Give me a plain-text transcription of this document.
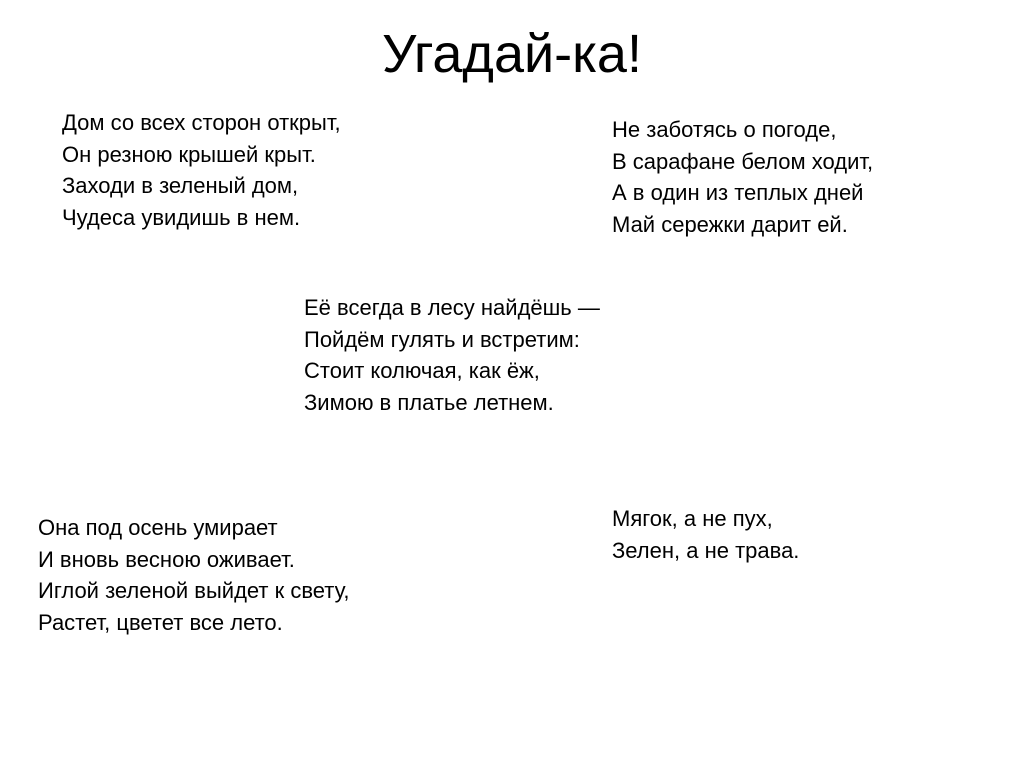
Угадай-ка!
Дом со всех сторон открыт,
Он резною крышей крыт.
Заходи в зеленый дом,
Чудеса увидишь в нем.
Не заботясь о погоде,
В сарафане белом ходит,
А в один из теплых дней
Май сережки дарит ей.
Её всегда в лесу найдёшь —
Пойдём гулять и встретим:
Стоит колючая, как ёж,
Зимою в платье летнем.
Она под осень умирает
И вновь весною оживает.
Иглой зеленой выйдет к свету,
Растет, цветет все лето.
Мягок, а не пух,
Зелен, а не трава.
